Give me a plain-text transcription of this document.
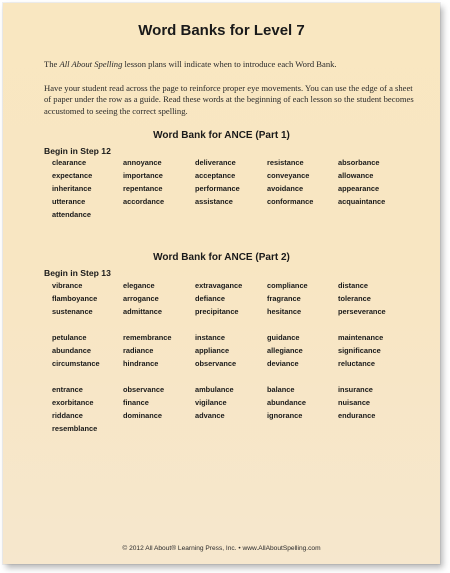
Word Banks for Level 7

The All About Spelling lesson plans will indicate when to introduce each Word Bank.

Have your student read across the page to reinforce proper eye movements. You can use the edge of a sheet of paper under the row as a guide. Read these words at the beginning of each lesson so the student becomes accustomed to seeing the correct spelling.

Word Bank for ANCE (Part 1)
Begin in Step 12
clearance	annoyance	deliverance	resistance	absorbance
expectance	importance	acceptance	conveyance	allowance
inheritance	repentance	performance	avoidance	appearance
utterance	accordance	assistance	conformance	acquaintance
attendance
Word Bank for ANCE (Part 2)
Begin in Step 13
vibrance	elegance	extravagance	compliance	distance
flamboyance	arrogance	defiance	fragrance	tolerance
sustenance	admittance	precipitance	hesitance	perseverance
petulance	remembrance	instance	guidance	maintenance
abundance	radiance	appliance	allegiance	significance
circumstance	hindrance	observance	deviance	reluctance
entrance	observance	ambulance	balance	insurance
exorbitance	finance	vigilance	abundance	nuisance
riddance	dominance	advance	ignorance	endurance
resemblance
© 2012 All About® Learning Press, Inc. • www.AllAboutSpelling.com
